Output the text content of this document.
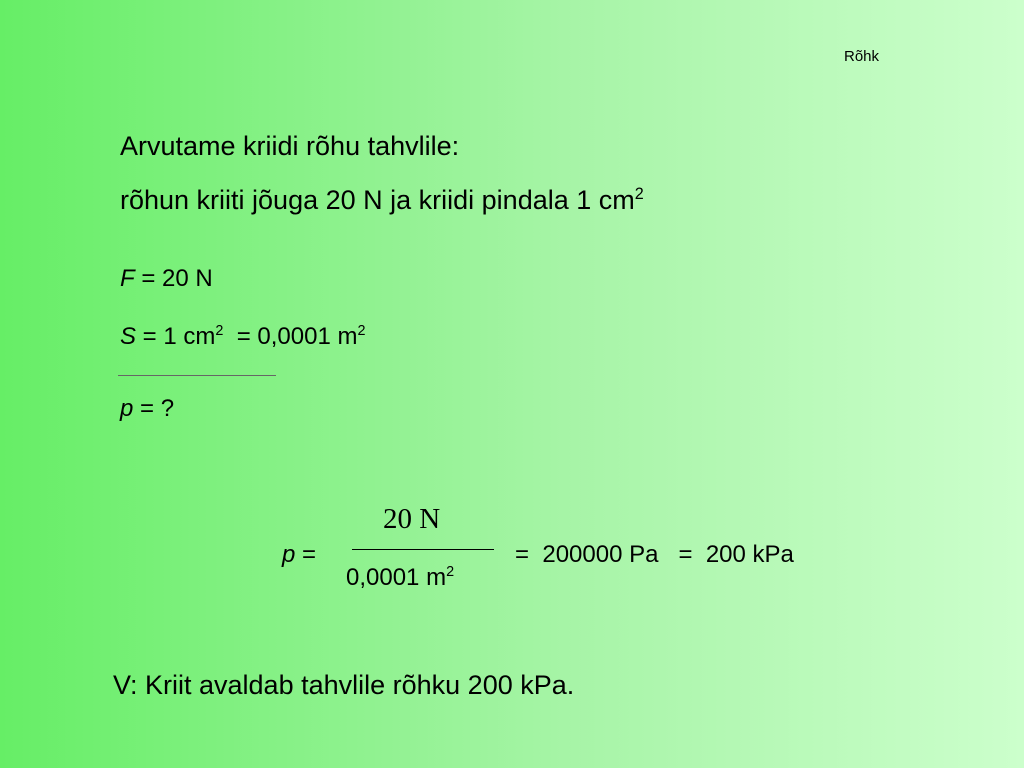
Rõhk
Arvutame kriidi rõhu tahvlile:
rõhun kriiti jõuga 20 N ja kriidi pindala 1 $cm^2$
F = 20 N
S = 1 $cm^2 = 0,0001$ $m^2$
p = ?
p =
20 N
0,0001 $m^2$
=  200000 Pa   =  200 kPa
V: Kriit avaldab tahvlile rõhku 200 kPa.
